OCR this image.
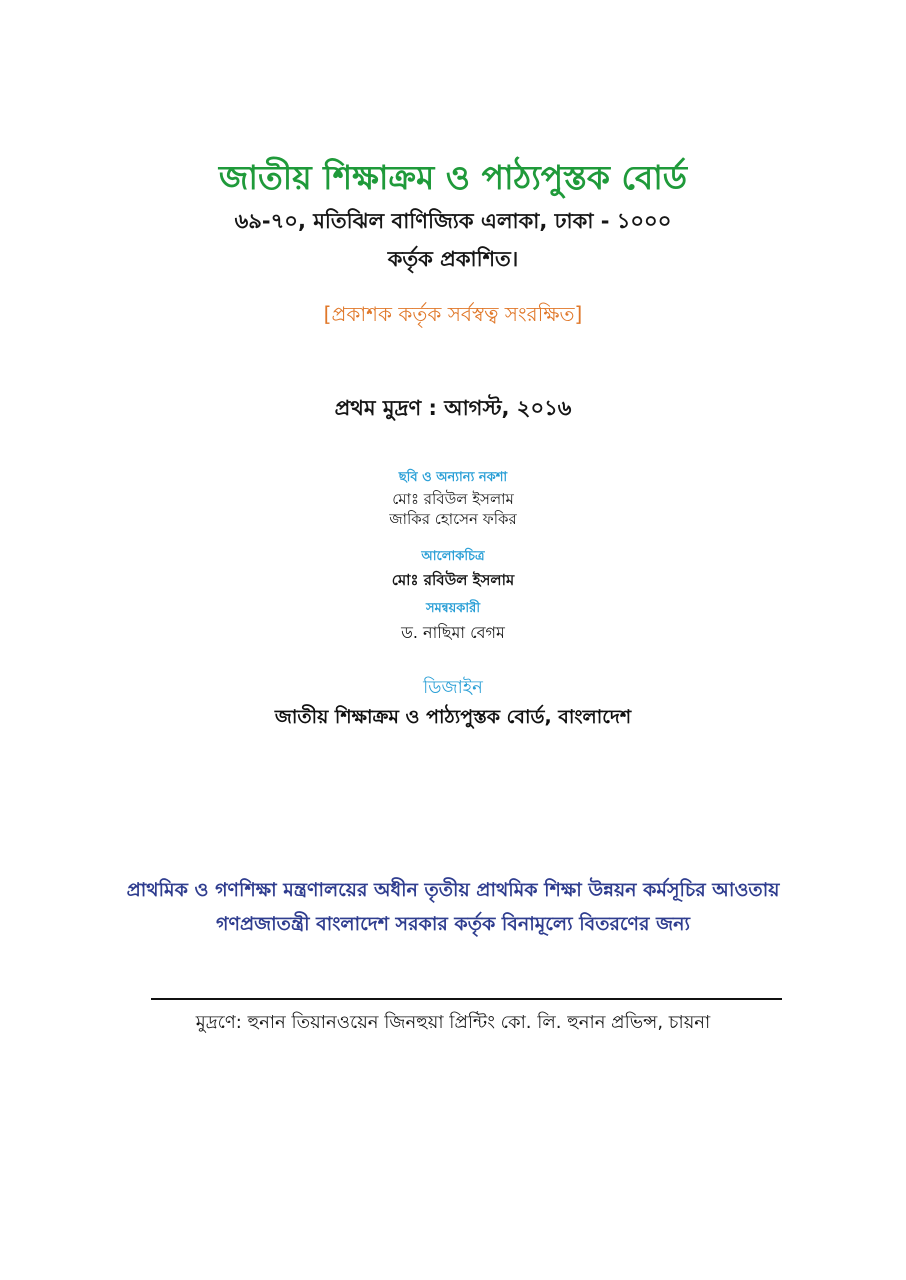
জাতীয় শিক্ষাক্রম ও পাঠ্যপুস্তক বোর্ড
৬৯-৭০, মতিঝিল বাণিজ্যিক এলাকা, ঢাকা - ১০০০
কর্তৃক প্রকাশিত।
[প্রকাশক কর্তৃক সর্বস্বত্ব সংরক্ষিত]
প্রথম মুদ্রণ : আগস্ট, ২০১৬
ছবি ও অন্যান্য নকশা
মোঃ রবিউল ইসলাম
জাকির হোসেন ফকির
আলোকচিত্র
মোঃ রবিউল ইসলাম
সমন্বয়কারী
ড. নাছিমা বেগম
ডিজাইন
জাতীয় শিক্ষাক্রম ও পাঠ্যপুস্তক বোর্ড, বাংলাদেশ
প্রাথমিক ও গণশিক্ষা মন্ত্রণালয়ের অধীন তৃতীয় প্রাথমিক শিক্ষা উন্নয়ন কর্মসূচির আওতায়
গণপ্রজাতন্ত্রী বাংলাদেশ সরকার কর্তৃক বিনামূল্যে বিতরণের জন্য
মুদ্রণে: হুনান তিয়ানওয়েন জিনহুয়া প্রিন্টিং কো. লি. হুনান প্রভিন্স, চায়না
